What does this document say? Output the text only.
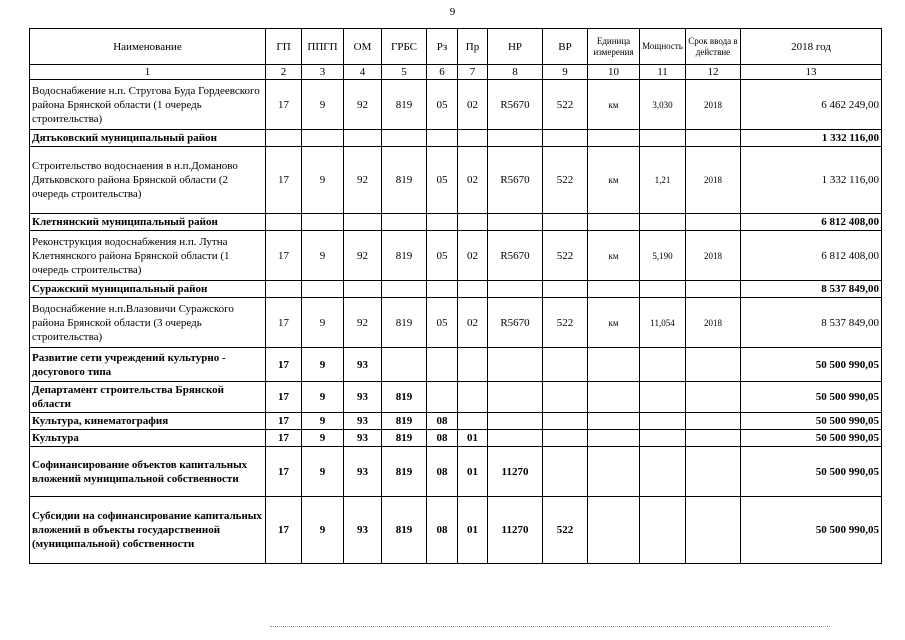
9
Наименование	ГП	ППГП	ОМ	ГРБС	Рз	Пр	НР	ВР	Единица измерения	Мощность	Срок ввода в действие	2018 год
1	2	3	4	5	6	7	8	9	10	11	12	13
Водоснабжение н.п. Стругова Буда Гордеевского района Брянской области (1 очередь строительства)	17	9	92	819	05	02	R5670	522	км	3,030	2018	6 462 249,00
Дятьковский муниципальный район												1 332 116,00
Строительство водоснаения в н.п.Доманово Дятьковского района Брянской области (2 очередь строительства)	17	9	92	819	05	02	R5670	522	км	1,21	2018	1 332 116,00
Клетнянский муниципальный район												6 812 408,00
Реконструкция водоснабжения н.п. Лутна Клетнянского района Брянской области (1 очередь строительства)	17	9	92	819	05	02	R5670	522	км	5,190	2018	6 812 408,00
Суражский муниципальный район												8 537 849,00
Водоснабжение н.п.Влазовичи Суражского района Брянской области (3 очередь строительства)	17	9	92	819	05	02	R5670	522	км	11,054	2018	8 537 849,00
Развитие сети учреждений культурно - досугового типа	17	9	93									50 500 990,05
Департамент строительства Брянской области	17	9	93	819								50 500 990,05
Культура, кинематография	17	9	93	819	08							50 500 990,05
Культура	17	9	93	819	08	01						50 500 990,05
Софинансирование объектов капитальных вложений муниципальной собственности	17	9	93	819	08	01	11270					50 500 990,05
Субсидии на софинансирование капитальных вложений в объекты государственной (муниципальной) собственности	17	9	93	819	08	01	11270	522				50 500 990,05
